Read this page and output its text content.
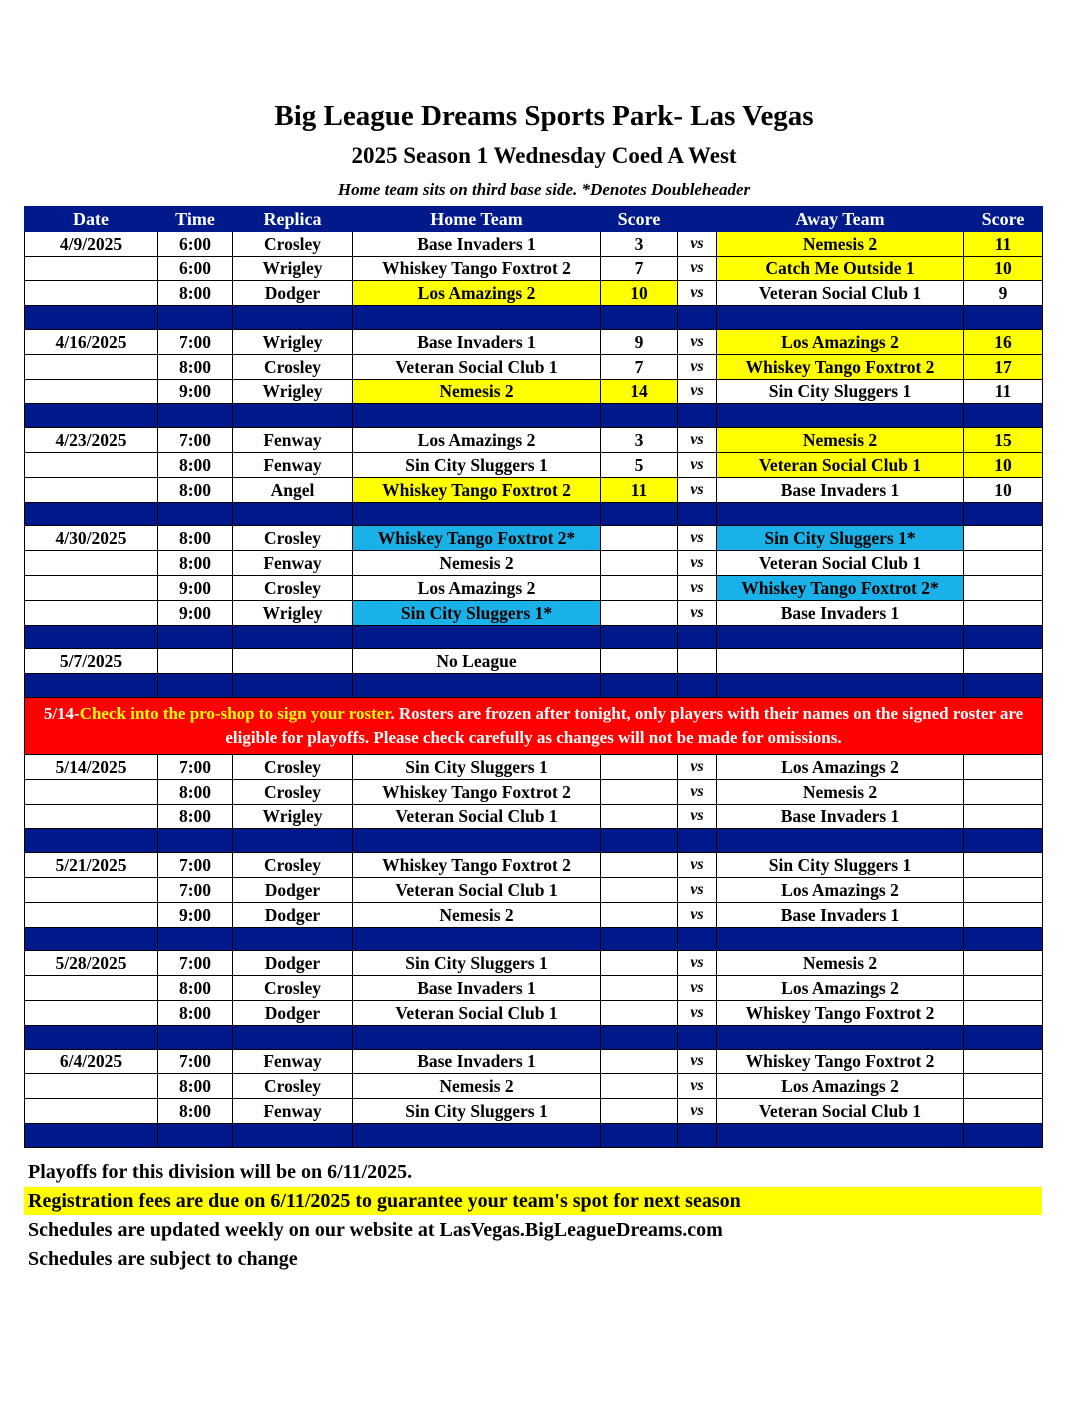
Big League Dreams Sports Park- Las Vegas
2025 Season 1 Wednesday Coed A West
Home team sits on third base side. *Denotes Doubleheader
Date	Time	Replica	Home Team	Score		Away Team	Score
4/9/2025	6:00	Crosley	Base Invaders 1	3	vs	Nemesis 2	11
	6:00	Wrigley	Whiskey Tango Foxtrot 2	7	vs	Catch Me Outside 1	10
	8:00	Dodger	Los Amazings 2	10	vs	Veteran Social Club 1	9

4/16/2025	7:00	Wrigley	Base Invaders 1	9	vs	Los Amazings 2	16
	8:00	Crosley	Veteran Social Club 1	7	vs	Whiskey Tango Foxtrot 2	17
	9:00	Wrigley	Nemesis 2	14	vs	Sin City Sluggers 1	11

4/23/2025	7:00	Fenway	Los Amazings 2	3	vs	Nemesis 2	15
	8:00	Fenway	Sin City Sluggers 1	5	vs	Veteran Social Club 1	10
	8:00	Angel	Whiskey Tango Foxtrot 2	11	vs	Base Invaders 1	10

4/30/2025	8:00	Crosley	Whiskey Tango Foxtrot 2*		vs	Sin City Sluggers 1*	
	8:00	Fenway	Nemesis 2		vs	Veteran Social Club 1	
	9:00	Crosley	Los Amazings 2		vs	Whiskey Tango Foxtrot 2*	
	9:00	Wrigley	Sin City Sluggers 1*		vs	Base Invaders 1	

5/7/2025			No League				

5/14-Check into the pro-shop to sign your roster. Rosters are frozen after tonight, only players with their names on the signed roster are eligible for playoffs. Please check carefully as changes will not be made for omissions.							
5/14/2025	7:00	Crosley	Sin City Sluggers 1		vs	Los Amazings 2	
	8:00	Crosley	Whiskey Tango Foxtrot 2		vs	Nemesis 2	
	8:00	Wrigley	Veteran Social Club 1		vs	Base Invaders 1	

5/21/2025	7:00	Crosley	Whiskey Tango Foxtrot 2		vs	Sin City Sluggers 1	
	7:00	Dodger	Veteran Social Club 1		vs	Los Amazings 2	
	9:00	Dodger	Nemesis 2		vs	Base Invaders 1	

5/28/2025	7:00	Dodger	Sin City Sluggers 1		vs	Nemesis 2	
	8:00	Crosley	Base Invaders 1		vs	Los Amazings 2	
	8:00	Dodger	Veteran Social Club 1		vs	Whiskey Tango Foxtrot 2	

6/4/2025	7:00	Fenway	Base Invaders 1		vs	Whiskey Tango Foxtrot 2	
	8:00	Crosley	Nemesis 2		vs	Los Amazings 2	
	8:00	Fenway	Sin City Sluggers 1		vs	Veteran Social Club 1	

Playoffs for this division will be on 6/11/2025.
Registration fees are due on 6/11/2025 to guarantee your team's spot for next season
Schedules are updated weekly on our website at LasVegas.BigLeagueDreams.com
Schedules are subject to change
